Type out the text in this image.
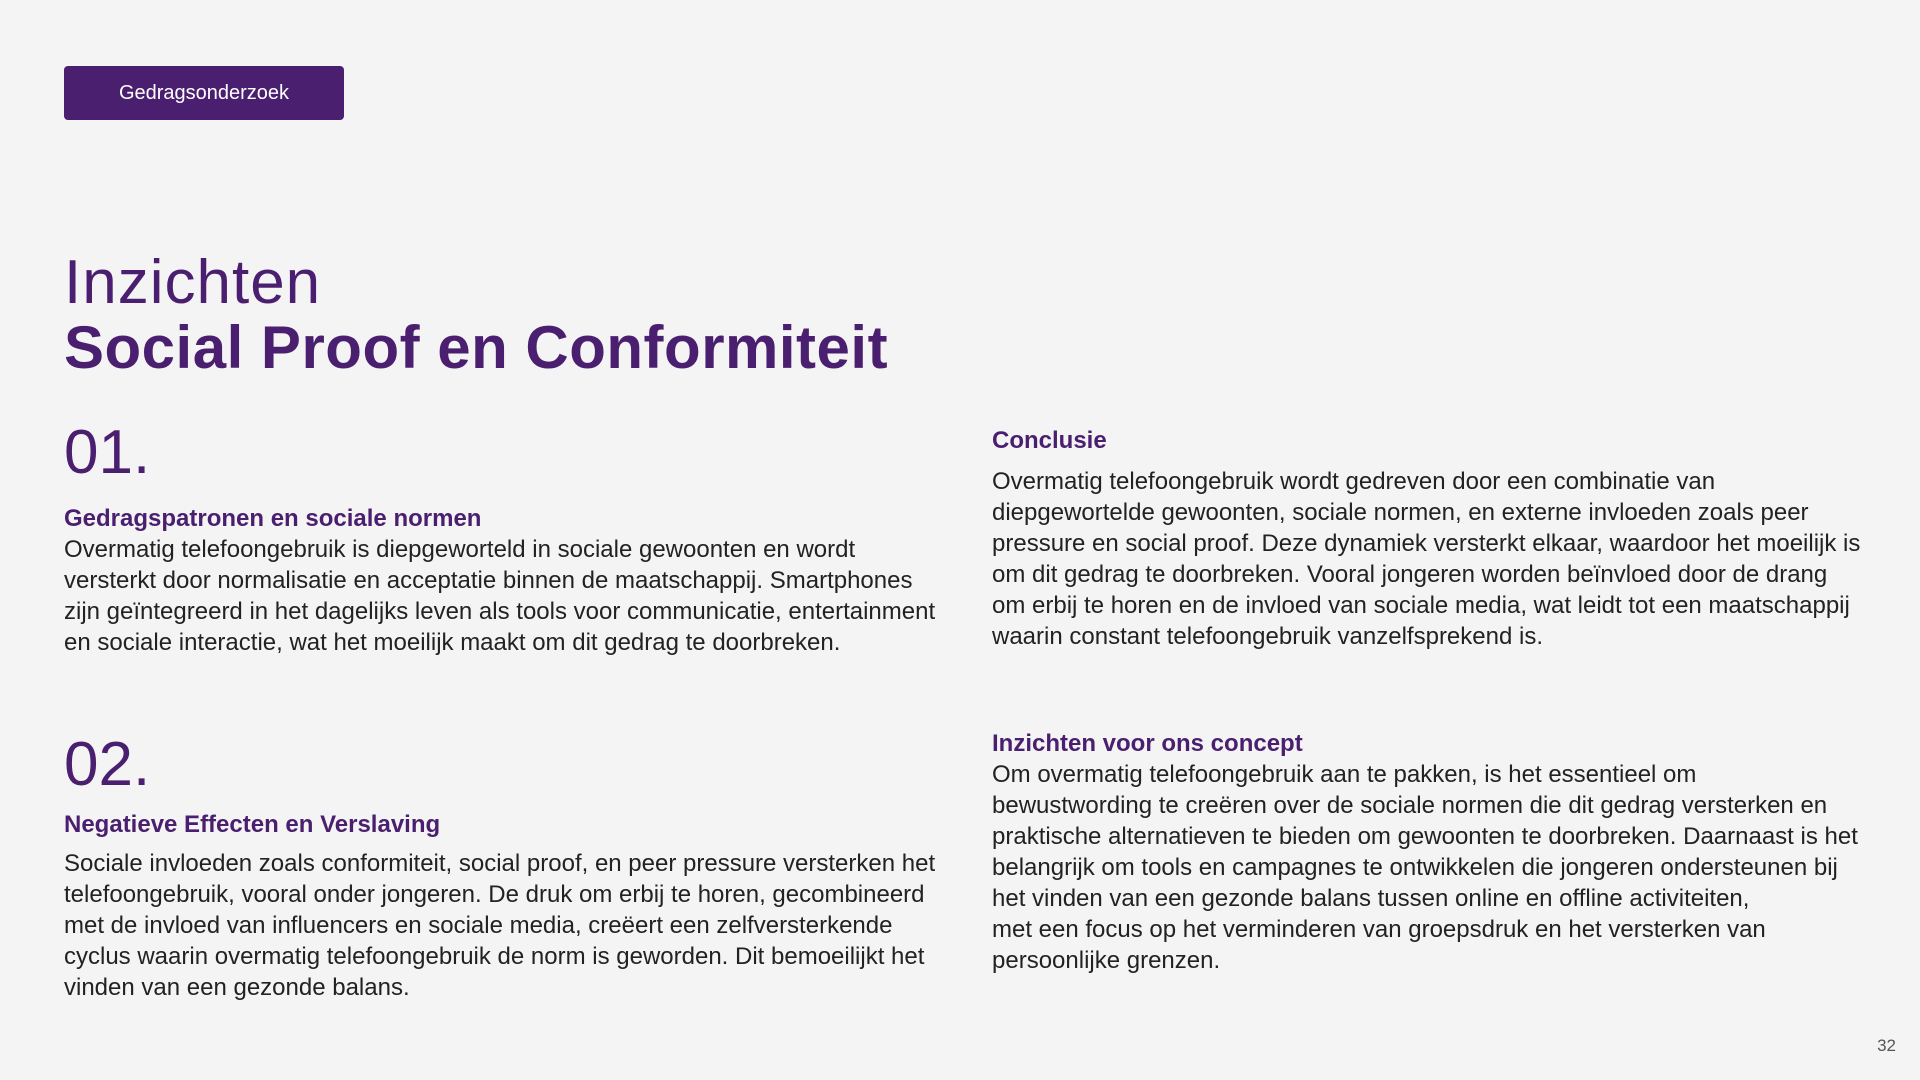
Gedragsonderzoek
Inzichten
Social Proof en Conformiteit
01.
Gedragspatronen en sociale normen

Overmatig telefoongebruik is diepgeworteld in sociale gewoonten en wordt versterkt door normalisatie en acceptatie binnen de maatschappij. Smartphones zijn geïntegreerd in het dagelijks leven als tools voor communicatie, entertainment en sociale interactie, wat het moeilijk maakt om dit gedrag te doorbreken.

02.
Negatieve Effecten en Verslaving

Sociale invloeden zoals conformiteit, social proof, en peer pressure versterken het telefoongebruik, vooral onder jongeren. De druk om erbij te horen, gecombineerd met de invloed van influencers en sociale media, creëert een zelfversterkende cyclus waarin overmatig telefoongebruik de norm is geworden. Dit bemoeilijkt het vinden van een gezonde balans.

Conclusie

Overmatig telefoongebruik wordt gedreven door een combinatie van diepgewortelde gewoonten, sociale normen, en externe invloeden zoals peer pressure en social proof. Deze dynamiek versterkt elkaar, waardoor het moeilijk is om dit gedrag te doorbreken. Vooral jongeren worden beïnvloed door de drang om erbij te horen en de invloed van sociale media, wat leidt tot een maatschappij waarin constant telefoongebruik vanzelfsprekend is.

Inzichten voor ons concept

Om overmatig telefoongebruik aan te pakken, is het essentieel om bewustwording te creëren over de sociale normen die dit gedrag versterken en praktische alternatieven te bieden om gewoonten te doorbreken. Daarnaast is het belangrijk om tools en campagnes te ontwikkelen die jongeren ondersteunen bij het vinden van een gezonde balans tussen online en offline activiteiten,

met een focus op het verminderen van groepsdruk en het versterken van persoonlijke grenzen.

32
